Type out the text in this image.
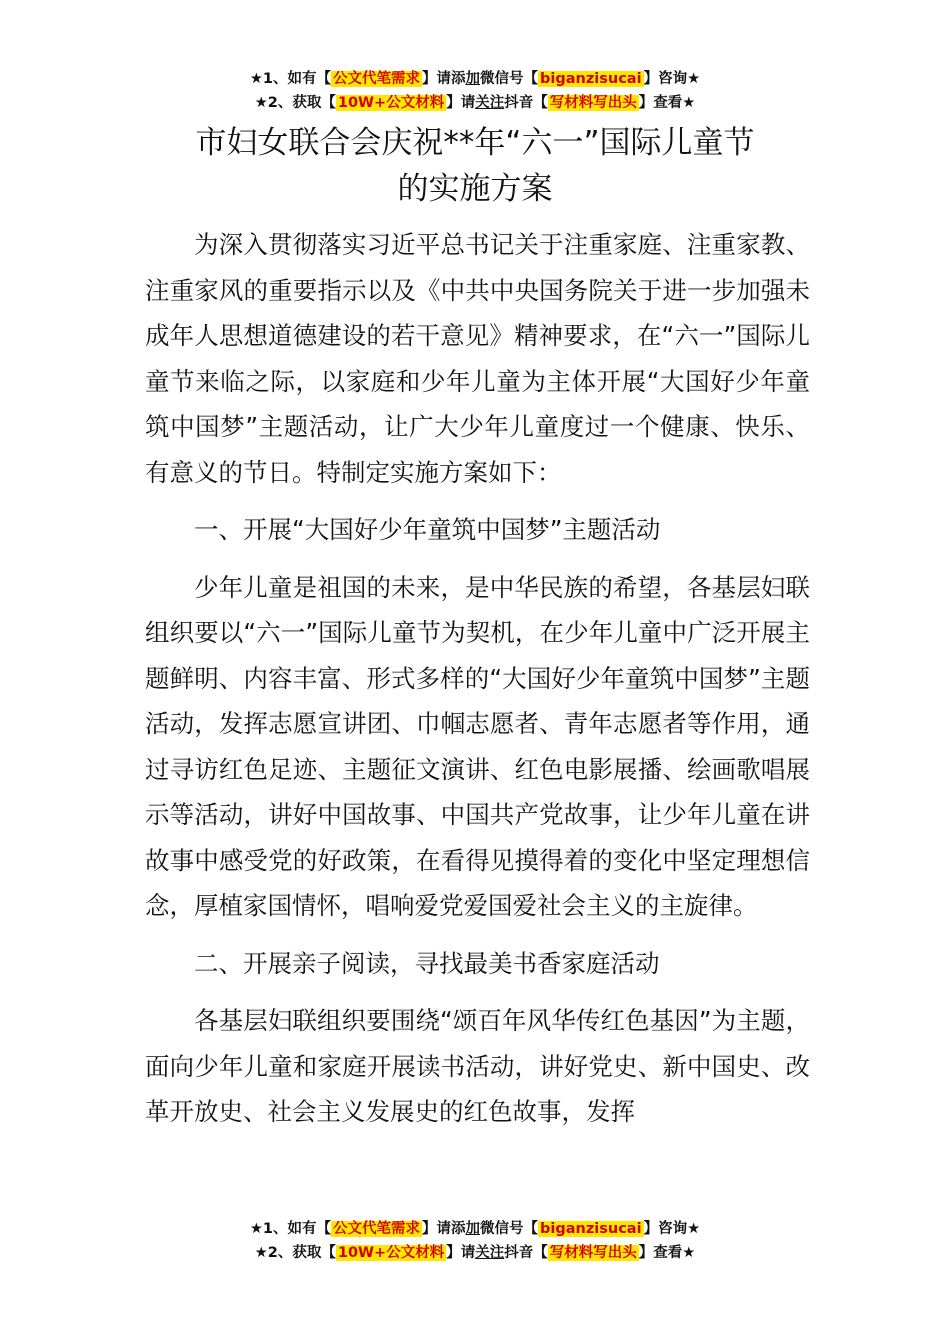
★1、如有【 公文代笔需求 】请添加微信号【 biganzisucai 】咨询★
★2、获取【 10W+公文材料 】请关注抖音【 写材料写出头 】查看★
市妇女联合会庆祝**年“六一”国际儿童节
的实施方案

为深入贯彻落实习近平总书记关于注重家庭、注重家教、注重家风的重要指示以及《中共中央国务院关于进一步加强未成年人思想道德建设的若干意见》精神要求，在“六一”国际儿童节来临之际，以家庭和少年儿童为主体开展“大国好少年童筑中国梦”主题活动，让广大少年儿童度过一个健康、快乐、有意义的节日。特制定实施方案如下：

一、开展“大国好少年童筑中国梦”主题活动

少年儿童是祖国的未来，是中华民族的希望，各基层妇联组织要以“六一”国际儿童节为契机，在少年儿童中广泛开展主题鲜明、内容丰富、形式多样的“大国好少年童筑中国梦”主题活动，发挥志愿宣讲团、巾帼志愿者、青年志愿者等作用，通过寻访红色足迹、主题征文演讲、红色电影展播、绘画歌唱展示等活动，讲好中国故事、中国共产党故事，让少年儿童在讲故事中感受党的好政策，在看得见摸得着的变化中坚定理想信念，厚植家国情怀，唱响爱党爱国爱社会主义的主旋律。

二、开展亲子阅读，寻找最美书香家庭活动

各基层妇联组织要围绕“颂百年风华传红色基因”为主题，面向少年儿童和家庭开展读书活动，讲好党史、新中国史、改革开放史、社会主义发展史的红色故事，发挥

★1、如有【 公文代笔需求 】请添加微信号【 biganzisucai 】咨询★
★2、获取【 10W+公文材料 】请关注抖音【 写材料写出头 】查看★
